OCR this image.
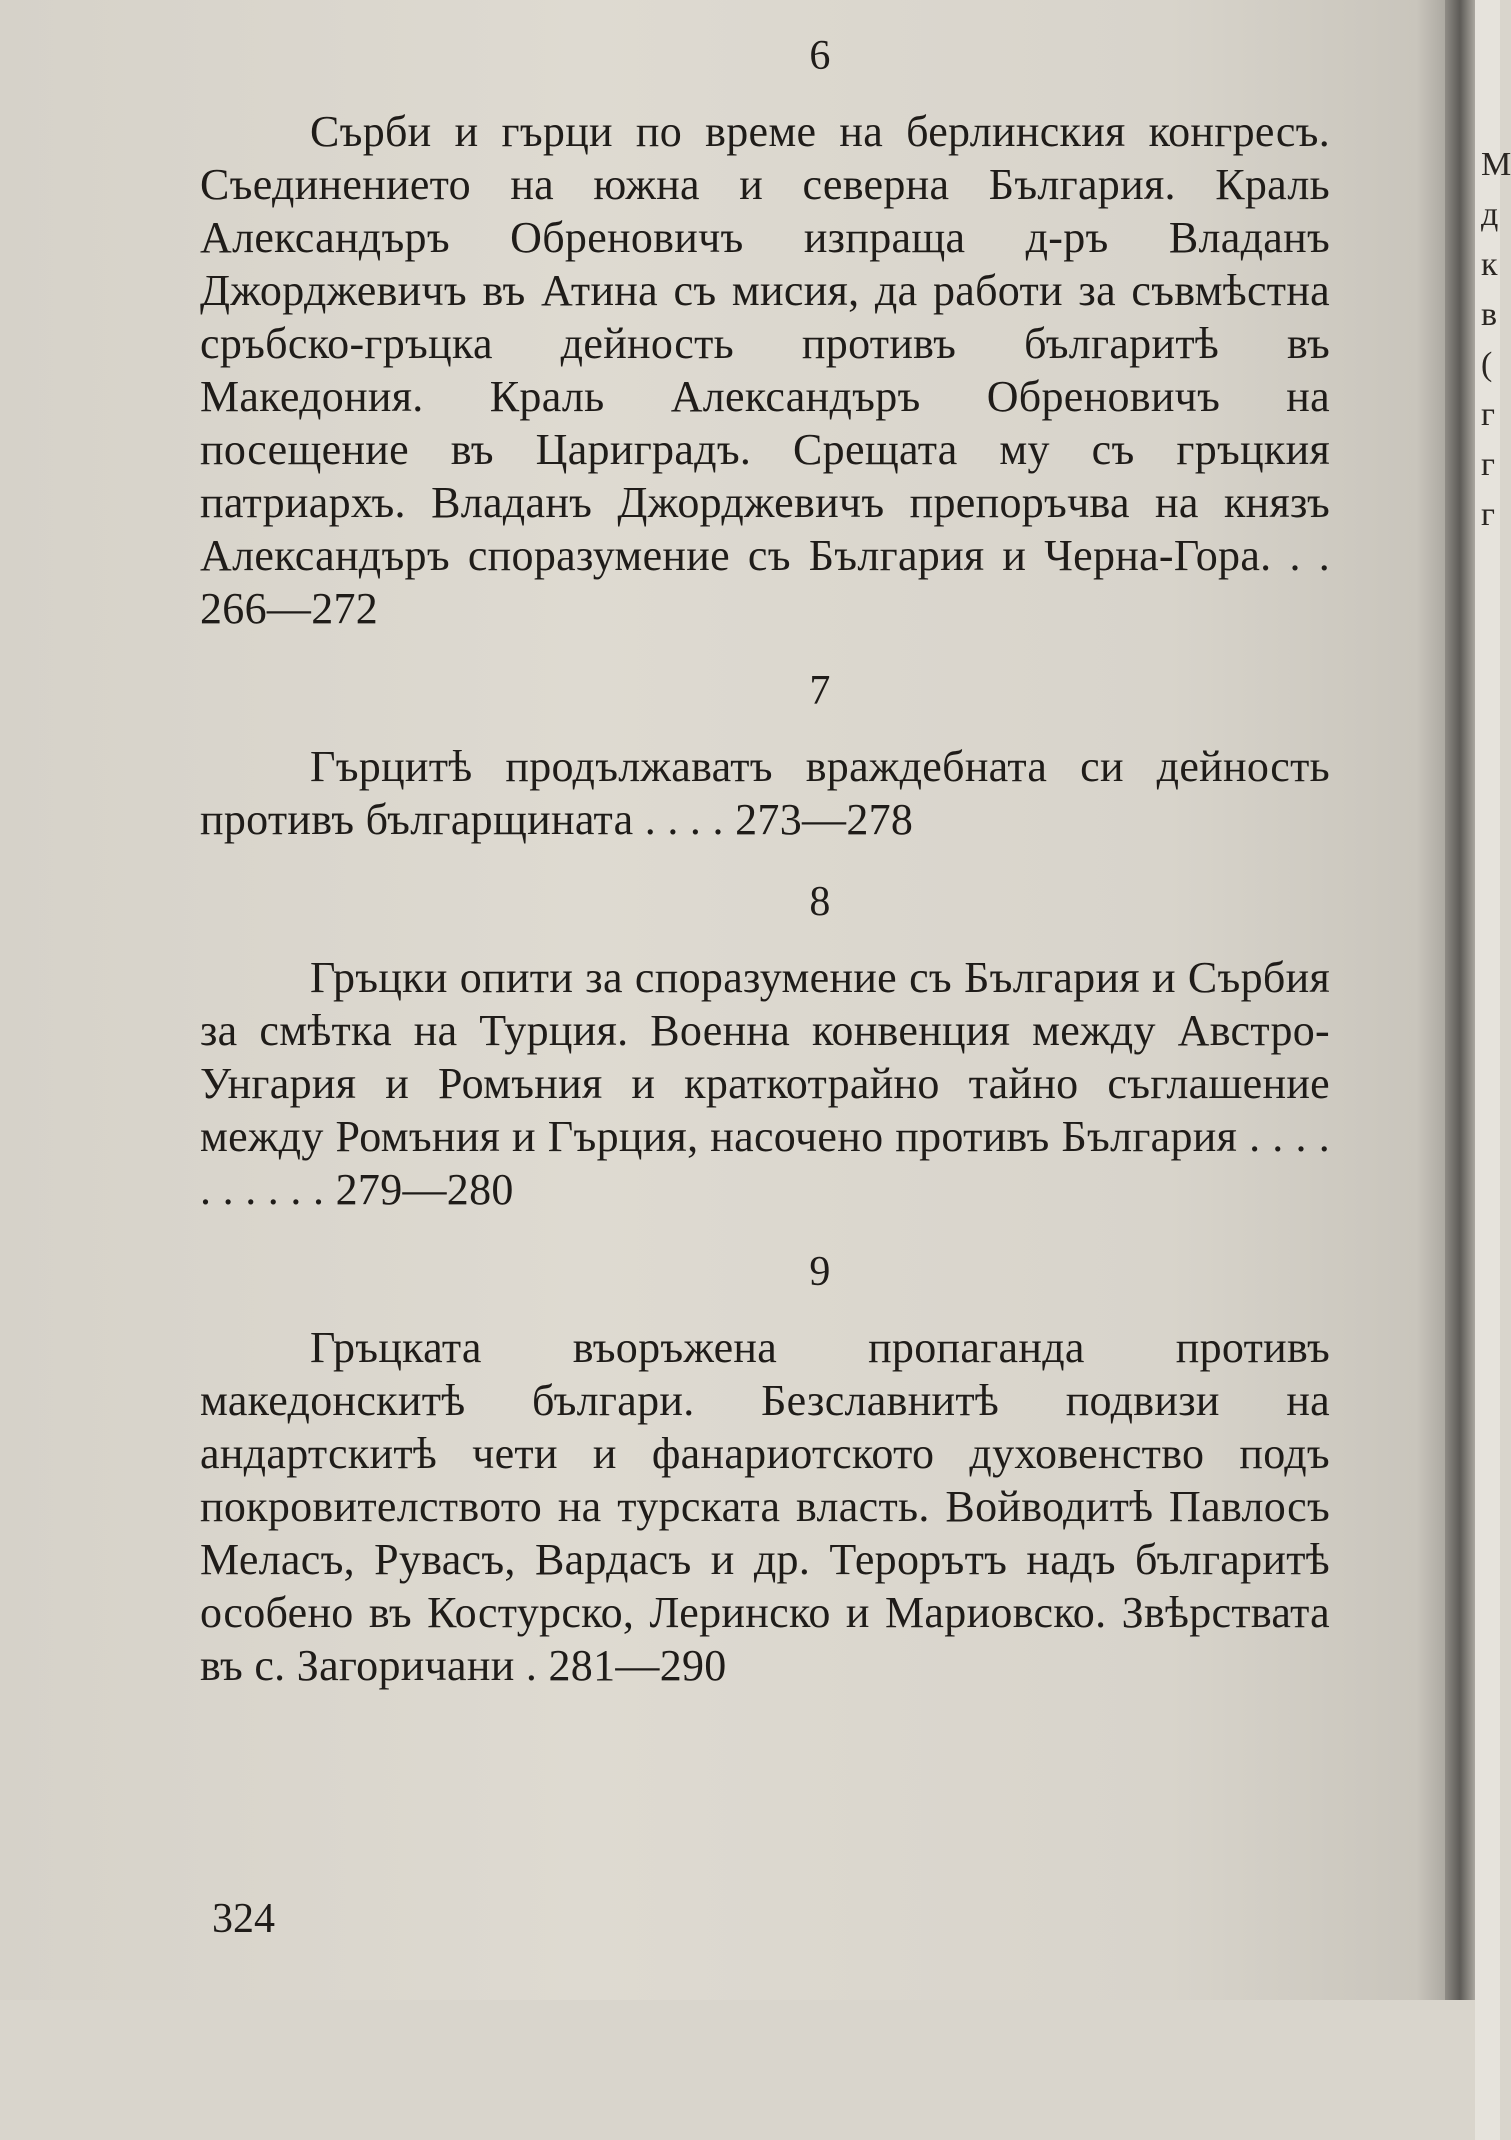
6

Сърби и гърци по време на берлинския конгресъ. Съединението на южна и северна България. Краль Александъръ Обреновичъ изпраща д-ръ Владанъ Джорджевичъ въ Атина съ мисия, да работи за съвмѣстна сръбско-гръцка дейность противъ българитѣ въ Македония. Краль Александъръ Обреновичъ на посещение въ Цариградъ. Срещата му съ гръцкия патриархъ. Владанъ Джорджевичъ препоръчва на князъ Александъръ споразумение съ България и Черна-Гора. . . 266—272

7

Гърцитѣ продължаватъ враждебната си дейность противъ българщината . . . . 273—278

8

Гръцки опити за споразумение съ България и Сърбия за смѣтка на Турция. Военна конвенция между Австро-Унгария и Ромъния и краткотрайно тайно съглашение между Ромъния и Гърция, насочено противъ България . . . . . . . . . . 279—280

9

Гръцката въоръжена пропаганда противъ македонскитѣ българи. Безславнитѣ подвизи на андартскитѣ чети и фанариотското духовенство подъ покровителството на турската власть. Войводитѣ Павлосъ Меласъ, Рувасъ, Вардасъ и др. Терорътъ надъ българитѣ особено въ Костурско, Леринско и Мариовско. Звѣрствата въ с. Загоричани . 281—290

324
М
д
к
в
(
г
г
г
